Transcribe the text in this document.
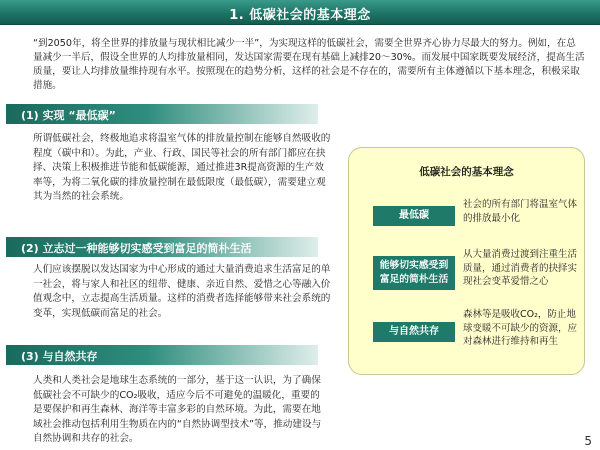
1. 低碳社会的基本理念
“到2050年，将全世界的排放量与现状相比减少一半”，为实现这样的低碳社会，需要全世界齐心协力尽最大的努力。例如，在总量减少一半后，假设全世界的人均排放量相同，发达国家需要在现有基础上减排20～30%。而发展中国家既要发展经济，提高生活质量，要让人均排放量维持现有水平。按照现在的趋势分析，这样的社会是不存在的，需要所有主体遵循以下基本理念，积极采取措施。
(1) 实现 “最低碳”
所谓低碳社会，终极地追求将温室气体的排放量控制在能够自然吸收的程度（碳中和）。为此，产业、行政、国民等社会的所有部门都应在抉择、决策上积极推进节能和低碳能源，通过推进3R提高资源的生产效率等，为将二氧化碳的排放量控制在最低限度（最低碳），需要建立观其为当然的社会系统。
(2) 立志过一种能够切实感受到富足的简朴生活
人们应该摆脱以发达国家为中心形成的通过大量消费追求生活富足的单一社会，将与家人和社区的纽带、健康、亲近自然、爱惜之心等融入价值观念中，立志提高生活质量。这样的消费者选择能够带来社会系统的变革，实现低碳而富足的社会。
(3) 与自然共存
人类和人类社会是地球生态系统的一部分，基于这一认识，为了确保低碳社会不可缺少的CO₂吸收，适应今后不可避免的温暖化，重要的是要保护和再生森林、海洋等丰富多彩的自然环境。为此，需要在地域社会推动包括利用生物质在内的“自然协调型技术”等，推动建设与自然协调和共存的社会。
低碳社会的基本理念
最低碳
社会的所有部门将温室气体的排放最小化
能够切实感受到富足的简朴生活
从大量消费过渡到注重生活质量，通过消费者的抉择实现社会变革爱惜之心
与自然共存
森林等是吸收CO₂，防止地球变暖不可缺少的资源，应对森林进行维持和再生
5
